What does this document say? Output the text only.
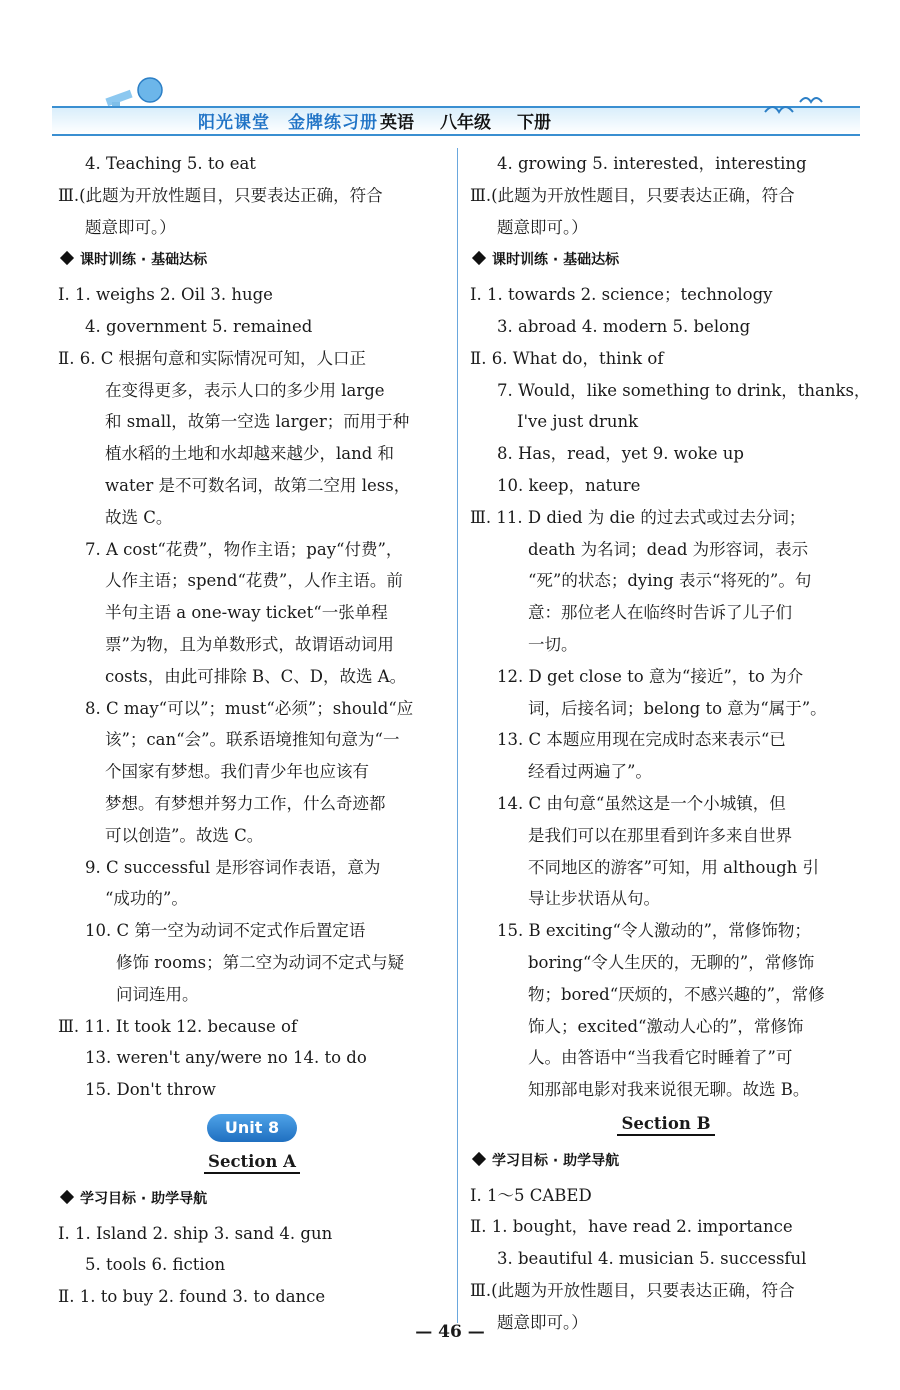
阳光课堂 金牌练习册 英语 八年级 下册
4. Teaching 5. to eat
Ⅲ.(此题为开放性题目，只要表达正确，符合
题意即可。）
课时训练 · 基础达标
Ⅰ. 1. weighs 2. Oil 3. huge
4. government 5. remained
Ⅱ. 6. C 根据句意和实际情况可知，人口正
在变得更多，表示人口的多少用 large
和 small，故第一空选 larger；而用于种
植水稻的土地和水却越来越少，land 和
water 是不可数名词，故第二空用 less，
故选 C。
7. A cost“花费”，物作主语；pay“付费”，
人作主语；spend“花费”，人作主语。前
半句主语 a one-way ticket“一张单程
票”为物，且为单数形式，故谓语动词用
costs，由此可排除 B、C、D，故选 A。
8. C may“可以”；must“必须”；should“应
该”；can“会”。联系语境推知句意为“一
个国家有梦想。我们青少年也应该有
梦想。有梦想并努力工作，什么奇迹都
可以创造”。故选 C。
9. C successful 是形容词作表语，意为
“成功的”。
10. C 第一空为动词不定式作后置定语
修饰 rooms；第二空为动词不定式与疑
问词连用。
Ⅲ. 11. It took 12. because of
13. weren't any/were no 14. to do
15. Don't throw
Unit 8
Section A
学习目标 · 助学导航
Ⅰ. 1. Island 2. ship 3. sand 4. gun
5. tools 6. fiction
Ⅱ. 1. to buy 2. found 3. to dance
4. growing 5. interested，interesting
Ⅲ.(此题为开放性题目，只要表达正确，符合
题意即可。）
课时训练 · 基础达标
Ⅰ. 1. towards 2. science；technology
3. abroad 4. modern 5. belong
Ⅱ. 6. What do，think of
7. Would，like something to drink，thanks，
I've just drunk
8. Has，read，yet 9. woke up
10. keep，nature
Ⅲ. 11. D died 为 die 的过去式或过去分词；
death 为名词；dead 为形容词，表示
“死”的状态；dying 表示“将死的”。句
意：那位老人在临终时告诉了儿子们
一切。
12. D get close to 意为“接近”，to 为介
词，后接名词；belong to 意为“属于”。
13. C 本题应用现在完成时态来表示“已
经看过两遍了”。
14. C 由句意“虽然这是一个小城镇，但
是我们可以在那里看到许多来自世界
不同地区的游客”可知，用 although 引
导让步状语从句。
15. B exciting“令人激动的”，常修饰物；
boring“令人生厌的，无聊的”，常修饰
物；bored“厌烦的，不感兴趣的”，常修
饰人；excited“激动人心的”，常修饰
人。由答语中“当我看它时睡着了”可
知那部电影对我来说很无聊。故选 B。
Section B
学习目标 · 助学导航
Ⅰ. 1～5 CABED
Ⅱ. 1. bought，have read 2. importance
3. beautiful 4. musician 5. successful
Ⅲ.(此题为开放性题目，只要表达正确，符合
题意即可。）
— 46 —
